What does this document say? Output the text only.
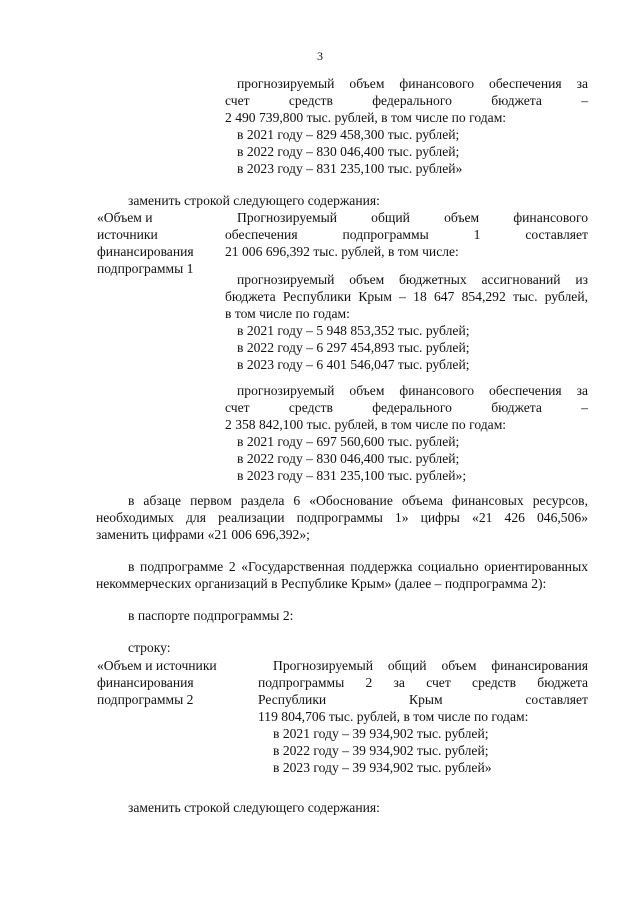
3
прогнозируемый объем финансового обеспечения за
счет средств федерального бюджета –
2 490 739,800 тыс. рублей, в том числе по годам:
в 2021 году – 829 458,300 тыс. рублей;
в 2022 году – 830 046,400 тыс. рублей;
в 2023 году – 831 235,100 тыс. рублей»
заменить строкой следующего содержания:
«Объем и
источники
финансирования
подпрограммы 1
Прогнозируемый общий объем финансового
обеспечения подпрограммы 1 составляет
21 006 696,392 тыс. рублей, в том числе:
прогнозируемый объем бюджетных ассигнований из
бюджета Республики Крым – 18 647 854,292 тыс. рублей,
в том числе по годам:
в 2021 году – 5 948 853,352 тыс. рублей;
в 2022 году – 6 297 454,893 тыс. рублей;
в 2023 году – 6 401 546,047 тыс. рублей;
прогнозируемый объем финансового обеспечения за
счет средств федерального бюджета –
2 358 842,100 тыс. рублей, в том числе по годам:
в 2021 году – 697 560,600 тыс. рублей;
в 2022 году – 830 046,400 тыс. рублей;
в 2023 году – 831 235,100 тыс. рублей»;
в абзаце первом раздела 6 «Обоснование объема финансовых ресурсов,
необходимых для реализации подпрограммы 1» цифры «21 426 046,506»
заменить цифрами «21 006 696,392»;
в подпрограмме 2 «Государственная поддержка социально ориентированных
некоммерческих организаций в Республике Крым» (далее – подпрограмма 2):
в паспорте подпрограммы 2:
строку:
«Объем и источники
финансирования
подпрограммы 2
Прогнозируемый общий объем финансирования
подпрограммы 2 за счет средств бюджета
Республики Крым составляет
119 804,706 тыс. рублей, в том числе по годам:
в 2021 году – 39 934,902 тыс. рублей;
в 2022 году – 39 934,902 тыс. рублей;
в 2023 году – 39 934,902 тыс. рублей»
заменить строкой следующего содержания:
